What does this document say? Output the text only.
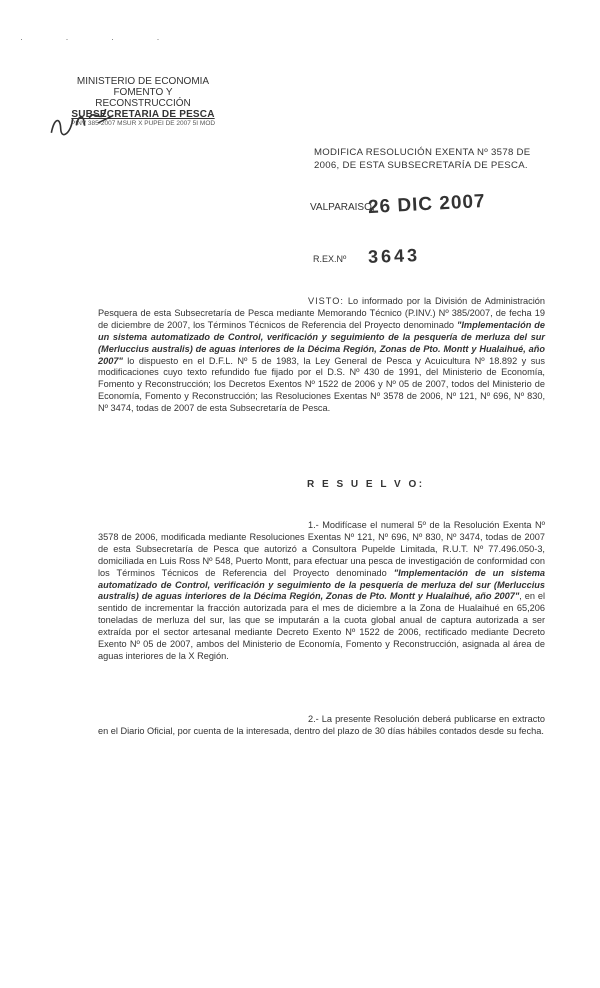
· · · ·
MINISTERIO DE ECONOMIA
FOMENTO Y RECONSTRUCCIÓN
SUBSECRETARIA DE PESCA
PINV 385-2007 MSUR X PUPEI DE 2007 5I MOD
MODIFICA RESOLUCIÓN EXENTA Nº 3578 DE 2006, DE ESTA SUBSECRETARÍA DE PESCA.
VALPARAISO,
26 DIC 2007
R.EX.Nº 3643
VISTO: Lo informado por la División de Administración Pesquera de esta Subsecretaría de Pesca mediante Memorando Técnico (P.INV.) Nº 385/2007, de fecha 19 de diciembre de 2007, los Términos Técnicos de Referencia del Proyecto denominado "Implementación de un sistema automatizado de Control, verificación y seguimiento de la pesquería de merluza del sur (Merluccius australis) de aguas interiores de la Décima Región, Zonas de Pto. Montt y Hualaihué, año 2007" lo dispuesto en el D.F.L. Nº 5 de 1983, la Ley General de Pesca y Acuicultura Nº 18.892 y sus modificaciones cuyo texto refundido fue fijado por el D.S. Nº 430 de 1991, del Ministerio de Economía, Fomento y Reconstrucción; los Decretos Exentos Nº 1522 de 2006 y Nº 05 de 2007, todos del Ministerio de Economía, Fomento y Reconstrucción; las Resoluciones Exentas Nº 3578 de 2006, Nº 121, Nº 696, Nº 830, Nº 3474, todas de 2007 de esta Subsecretaría de Pesca.
R E S U E L V O:
1.- Modifícase el numeral 5º de la Resolución Exenta Nº 3578 de 2006, modificada mediante Resoluciones Exentas Nº 121, Nº 696, Nº 830, Nº 3474, todas de 2007 de esta Subsecretaría de Pesca que autorizó a Consultora Pupelde Limitada, R.U.T. Nº 77.496.050-3, domiciliada en Luis Ross Nº 548, Puerto Montt, para efectuar una pesca de investigación de conformidad con los Términos Técnicos de Referencia del Proyecto denominado "Implementación de un sistema automatizado de Control, verificación y seguimiento de la pesquería de merluza del sur (Merluccius australis) de aguas interiores de la Décima Región, Zonas de Pto. Montt y Hualaihué, año 2007", en el sentido de incrementar la fracción autorizada para el mes de diciembre a la Zona de Hualaihué en 65,206 toneladas de merluza del sur, las que se imputarán a la cuota global anual de captura autorizada a ser extraída por el sector artesanal mediante Decreto Exento Nº 1522 de 2006, rectificado mediante Decreto Exento Nº 05 de 2007, ambos del Ministerio de Economía, Fomento y Reconstrucción, asignada al área de aguas interiores de la X Región.
2.- La presente Resolución deberá publicarse en extracto en el Diario Oficial, por cuenta de la interesada, dentro del plazo de 30 días hábiles contados desde su fecha.
